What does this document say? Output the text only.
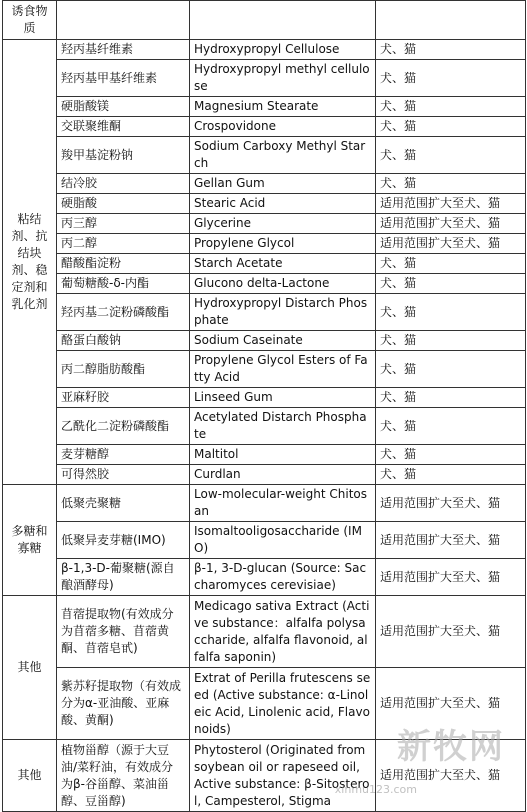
诱食物质			
粘结剂、抗结块剂、稳定剂和乳化剂	羟丙基纤维素	Hydroxypropyl Cellulose	犬、猫
	羟丙基甲基纤维素	Hydroxypropyl methyl cellulose	犬、猫
	硬脂酸镁	Magnesium Stearate	犬、猫
	交联聚维酮	Crospovidone	犬、猫
	羧甲基淀粉钠	Sodium Carboxy Methyl Starch	犬、猫
	结冷胶	Gellan Gum	犬、猫
	硬脂酸	Stearic Acid	适用范围扩大至犬、猫
	丙三醇	Glycerine	适用范围扩大至犬、猫
	丙二醇	Propylene Glycol	适用范围扩大至犬、猫
	醋酸酯淀粉	Starch Acetate	犬、猫
	葡萄糖酸-δ-内酯	Glucono delta-Lactone	犬、猫
	羟丙基二淀粉磷酸酯	Hydroxypropyl Distarch Phosphate	犬、猫
	酪蛋白酸钠	Sodium Caseinate	犬、猫
	丙二醇脂肪酸酯	Propylene Glycol Esters of Fatty Acid	犬、猫
	亚麻籽胶	Linseed Gum	犬、猫
	乙酰化二淀粉磷酸酯	Acetylated Distarch Phosphate	犬、猫
	麦芽糖醇	Maltitol	犬、猫
	可得然胶	Curdlan	犬、猫
多糖和寡糖	低聚壳聚糖	Low-molecular-weight Chitosan	适用范围扩大至犬、猫
	低聚异麦芽糖(IMO)	Isomaltooligosaccharide (IMO)	适用范围扩大至犬、猫
	β-1,3-D-葡聚糖(源自酿酒酵母)	β-1, 3-D-glucan (Source: Saccharomyces cerevisiae)	适用范围扩大至犬、猫
其他	苜蓿提取物(有效成分为苜蓿多糖、苜蓿黄酮、苜蓿皂甙)	Medicago sativa Extract (Active substance：alfalfa polysaccharide, alfalfa flavonoid, alfalfa saponin)	适用范围扩大至犬、猫
	紫苏籽提取物（有效成分为α-亚油酸、亚麻酸、黄酮)	Extrat of Perilla frutescens seed (Active substance: α-Linoleic Acid, Linolenic acid, Flavonoids)	适用范围扩大至犬、猫
其他	植物甾醇（源于大豆油/菜籽油，有效成分为β-谷甾醇、菜油甾醇、豆甾醇)	Phytosterol (Originated from soybean oil or rapeseed oil, Active substance: β-Sitosterol, Campesterol, Stigma	适用范围扩大至犬、猫
新牧网
xinmu123.com
